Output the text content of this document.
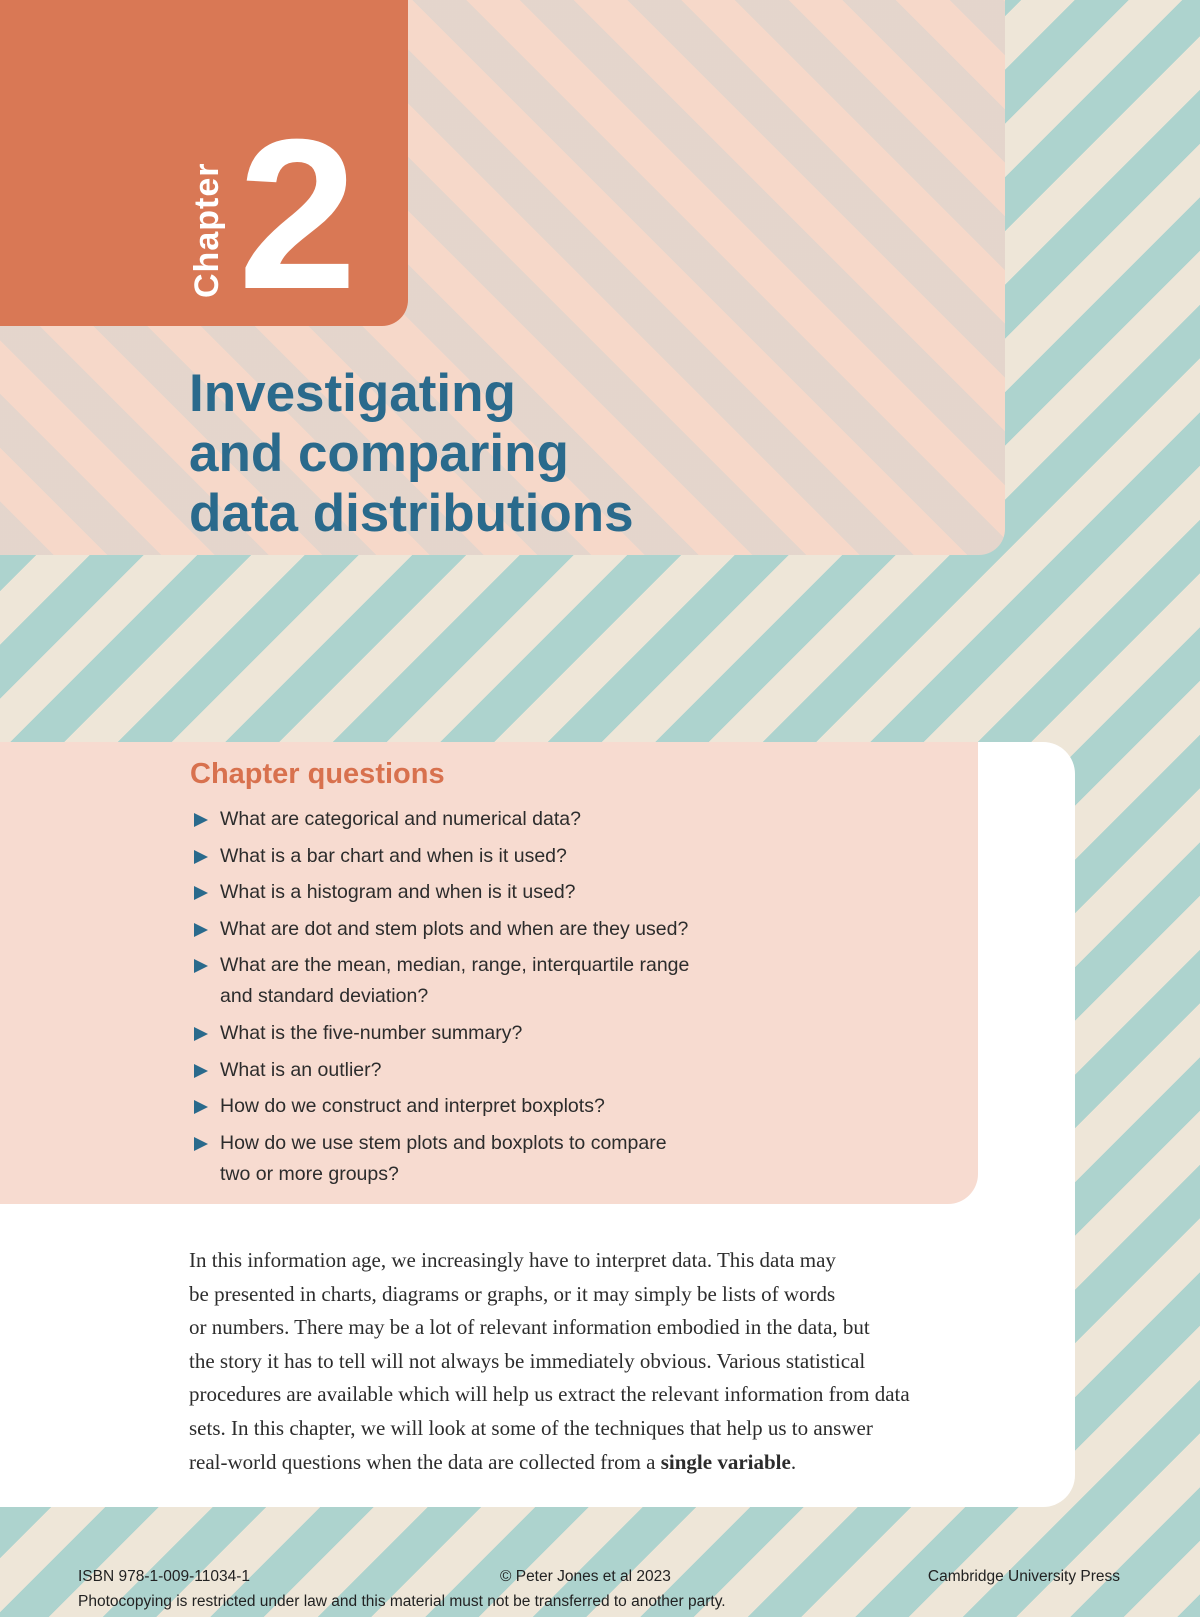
Chapter 2
Investigating
and comparing
data distributions
Chapter questions
What are categorical and numerical data?
What is a bar chart and when is it used?
What is a histogram and when is it used?
What are dot and stem plots and when are they used?
What are the mean, median, range, interquartile range
and standard deviation?
What is the five-number summary?
What is an outlier?
How do we construct and interpret boxplots?
How do we use stem plots and boxplots to compare
two or more groups?

In this information age, we increasingly have to interpret data. This data may
be presented in charts, diagrams or graphs, or it may simply be lists of words
or numbers. There may be a lot of relevant information embodied in the data, but
the story it has to tell will not always be immediately obvious. Various statistical
procedures are available which will help us extract the relevant information from data
sets. In this chapter, we will look at some of the techniques that help us to answer
real-world questions when the data are collected from a single variable.

ISBN 978-1-009-11034-1	© Peter Jones et al 2023	Cambridge University Press
Photocopying is restricted under law and this material must not be transferred to another party.
